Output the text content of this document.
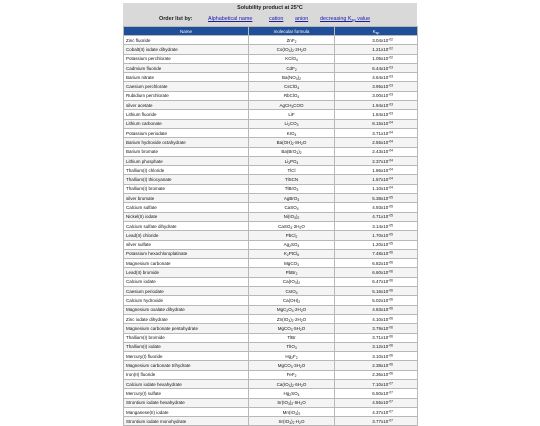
Solubility product at 25°C
Order list by:	Alphabetical name	cation anion decreasing $K_{sp}$ value
Name	molecular formula	$K_{sp}$
Zinc fluoride	ZnF$_2$	$3.04x10^{-02}$
Cobalt(II) iodate dihydrate	$Co(IO_3)_2\cdot 2H_2O$	$1.21x10^{-02}$
Potassium perchlorate	KClO$_4$	$1.05x10^{-02}$
Cadmium fluoride	CdF$_2$	$6.44x10^{-03}$
Barium nitrate	$Ba(NO_3)_2$	$4.64x10^{-03}$
Caesium perchlorate	CsClO$_4$	$3.95x10^{-03}$
Rubidium perchlorate	RbClO$_4$	$3.00x10^{-03}$
silver acetate	AgCH$_3$COO	$1.94x10^{-03}$
Lithium fluoride	LiF	$1.84x10^{-03}$
Lithium carbonate	$Li_2CO_3$	$8.15x10^{-04}$
Potassium periodate	$KIO_4$	$3.71x10^{-04}$
Barium hydroxide octahydrate	$Ba(OH)_2\cdot 8H_2O$	$2.55x10^{-04}$
Barium bromate	$Ba(BrO_3)_2$	$2.43x10^{-04}$
Lithium phosphate	$Li_3PO_4$	$2.37x10^{-04}$
Thallium(I) chloride	TlCl	$1.86x10^{-04}$
Thallium(I) thiocyanate	TlSCN	$1.57x10^{-04}$
Thallium(I) bromate	TlBrO$_3$	$1.10x10^{-04}$
silver bromate	AgBrO$_3$	$5.38x10^{-05}$
Calcium sulfate	CaSO$_4$	$4.93x10^{-05}$
Nickel(II) iodate	$Ni(IO_3)_2$	$4.71x10^{-05}$
Calcium sulfate dihydrate	$CaSO_4\cdot 2H_2O$	$3.14x10^{-05}$
Lead(II) chloride	PbCl$_2$	$1.70x10^{-05}$
silver sulfate	$Ag_2SO_4$	$1.20x10^{-05}$
Potassium hexachloroplatinate	$K_2PtCl_6$	$7.48x10^{-06}$
Magnesium carbonate	MgCO$_3$	$6.82x10^{-06}$
Lead(II) bromide	PbBr$_2$	$6.60x10^{-06}$
Calcium iodate	$Ca(IO_3)_2$	$6.47x10^{-06}$
Caesium periodate	CsIO$_4$	$5.16x10^{-06}$
Calcium hydroxide	$Ca(OH)_2$	$5.02x10^{-06}$
Magnesium oxalate dihydrate	$MgC_2O_4\cdot 2H_2O$	$4.83x10^{-06}$
Zinc iodate dihydrate	$Zn(IO_3)_2\cdot 2H_2O$	$4.10x10^{-06}$
Magnesium carbonate pentahydrate	$MgCO_3\cdot 5H_2O$	$3.79x10^{-06}$
Thallium(I) bromide	TlBr	$3.71x10^{-06}$
Thallium(I) iodate	TlIO$_3$	$3.12x10^{-06}$
Mercury(I) fluoride	$Hg_2F_2$	$3.10x10^{-06}$
Magnesium carbonate trihydrate	$MgCO_3\cdot 3H_2O$	$2.38x10^{-06}$
Iron(II) fluoride	FeF$_2$	$2.36x10^{-06}$
Calcium iodate hexahydrate	$Ca(IO_3)_2\cdot 6H_2O$	$7.10x10^{-07}$
Mercury(I) sulfate	$Hg_2SO_4$	$6.50x10^{-07}$
Strontium iodate hexahydrate	$Sr(IO_3)_2\cdot 6H_2O$	$4.55x10^{-07}$
Manganese(II) iodate	$Mn(IO_3)_2$	$4.37x10^{-07}$
Strontium iodate monohydrate	$Sr(IO_3)_2\cdot H_2O$	$3.77x10^{-07}$
